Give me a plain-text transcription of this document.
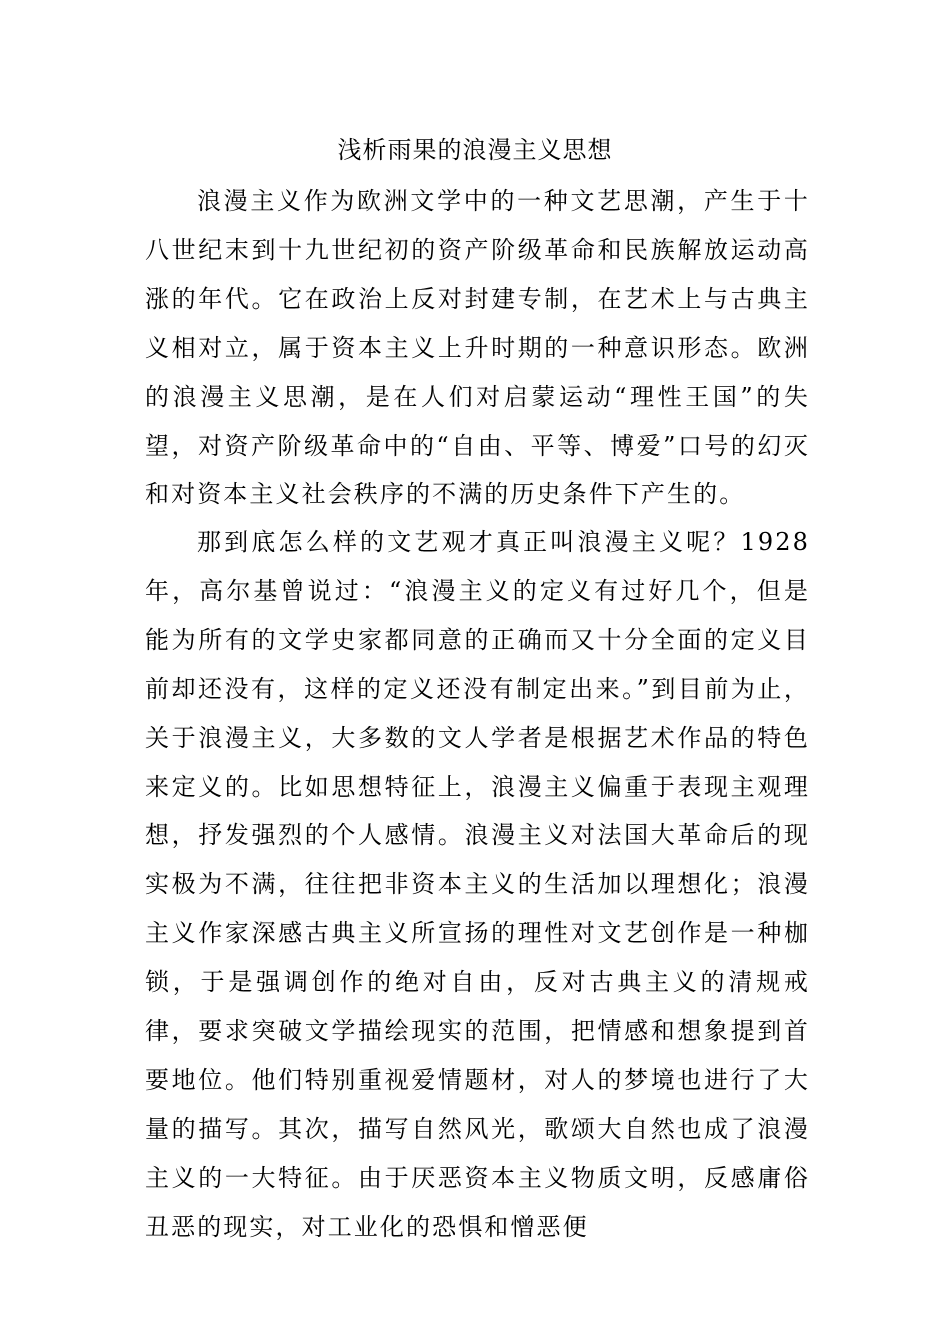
浅析雨果的浪漫主义思想

浪漫主义作为欧洲文学中的一种文艺思潮，产生于十八世纪末到十九世纪初的资产阶级革命和民族解放运动高涨的年代。它在政治上反对封建专制，在艺术上与古典主义相对立，属于资本主义上升时期的一种意识形态。欧洲的浪漫主义思潮，是在人们对启蒙运动“理性王国”的失望，对资产阶级革命中的“自由、平等、博爱”口号的幻灭和对资本主义社会秩序的不满的历史条件下产生的。

那到底怎么样的文艺观才真正叫浪漫主义呢？1928年，高尔基曾说过：“浪漫主义的定义有过好几个，但是能为所有的文学史家都同意的正确而又十分全面的定义目前却还没有，这样的定义还没有制定出来。”到目前为止，关于浪漫主义，大多数的文人学者是根据艺术作品的特色来定义的。比如思想特征上，浪漫主义偏重于表现主观理想，抒发强烈的个人感情。浪漫主义对法国大革命后的现实极为不满，往往把非资本主义的生活加以理想化；浪漫主义作家深感古典主义所宣扬的理性对文艺创作是一种枷锁，于是强调创作的绝对自由，反对古典主义的清规戒律，要求突破文学描绘现实的范围，把情感和想象提到首要地位。他们特别重视爱情题材，对人的梦境也进行了大量的描写。其次，描写自然风光，歌颂大自然也成了浪漫主义的一大特征。由于厌恶资本主义物质文明，反感庸俗丑恶的现实，对工业化的恐惧和憎恶便
